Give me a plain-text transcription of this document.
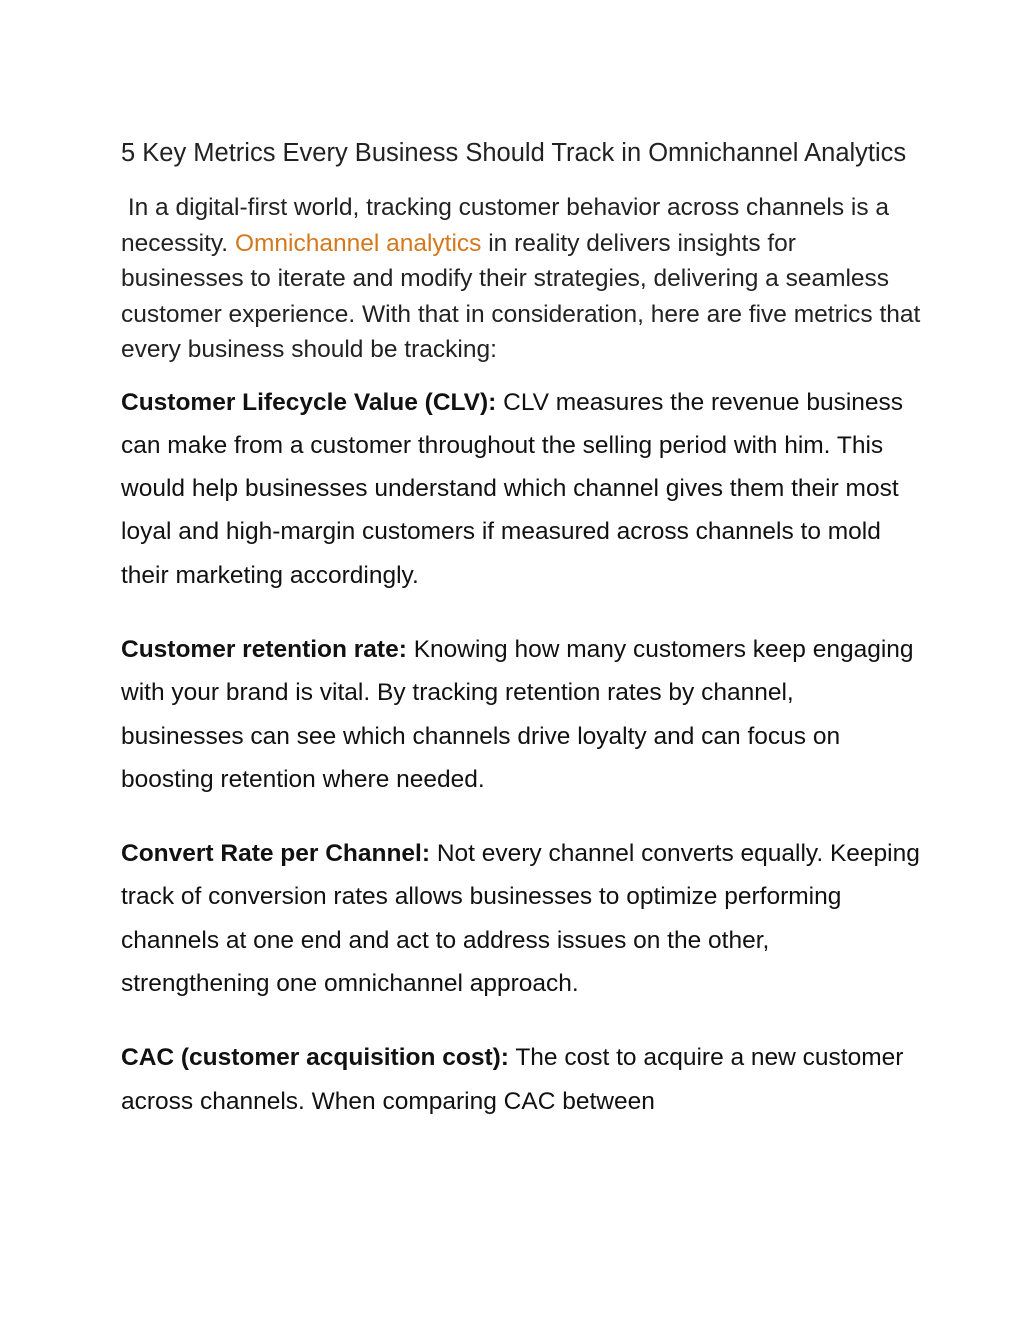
5 Key Metrics Every Business Should Track in Omnichannel Analytics

In a digital-first world, tracking customer behavior across channels is a necessity. Omnichannel analytics in reality delivers insights for businesses to iterate and modify their strategies, delivering a seamless customer experience. With that in consideration, here are five metrics that every business should be tracking:

Customer Lifecycle Value (CLV): CLV measures the revenue business can make from a customer throughout the selling period with him. This would help businesses understand which channel gives them their most loyal and high-margin customers if measured across channels to mold their marketing accordingly.

Customer retention rate: Knowing how many customers keep engaging with your brand is vital. By tracking retention rates by channel, businesses can see which channels drive loyalty and can focus on boosting retention where needed.

Convert Rate per Channel: Not every channel converts equally. Keeping track of conversion rates allows businesses to optimize performing channels at one end and act to address issues on the other, strengthening one omnichannel approach.

CAC (customer acquisition cost): The cost to acquire a new customer across channels. When comparing CAC between
